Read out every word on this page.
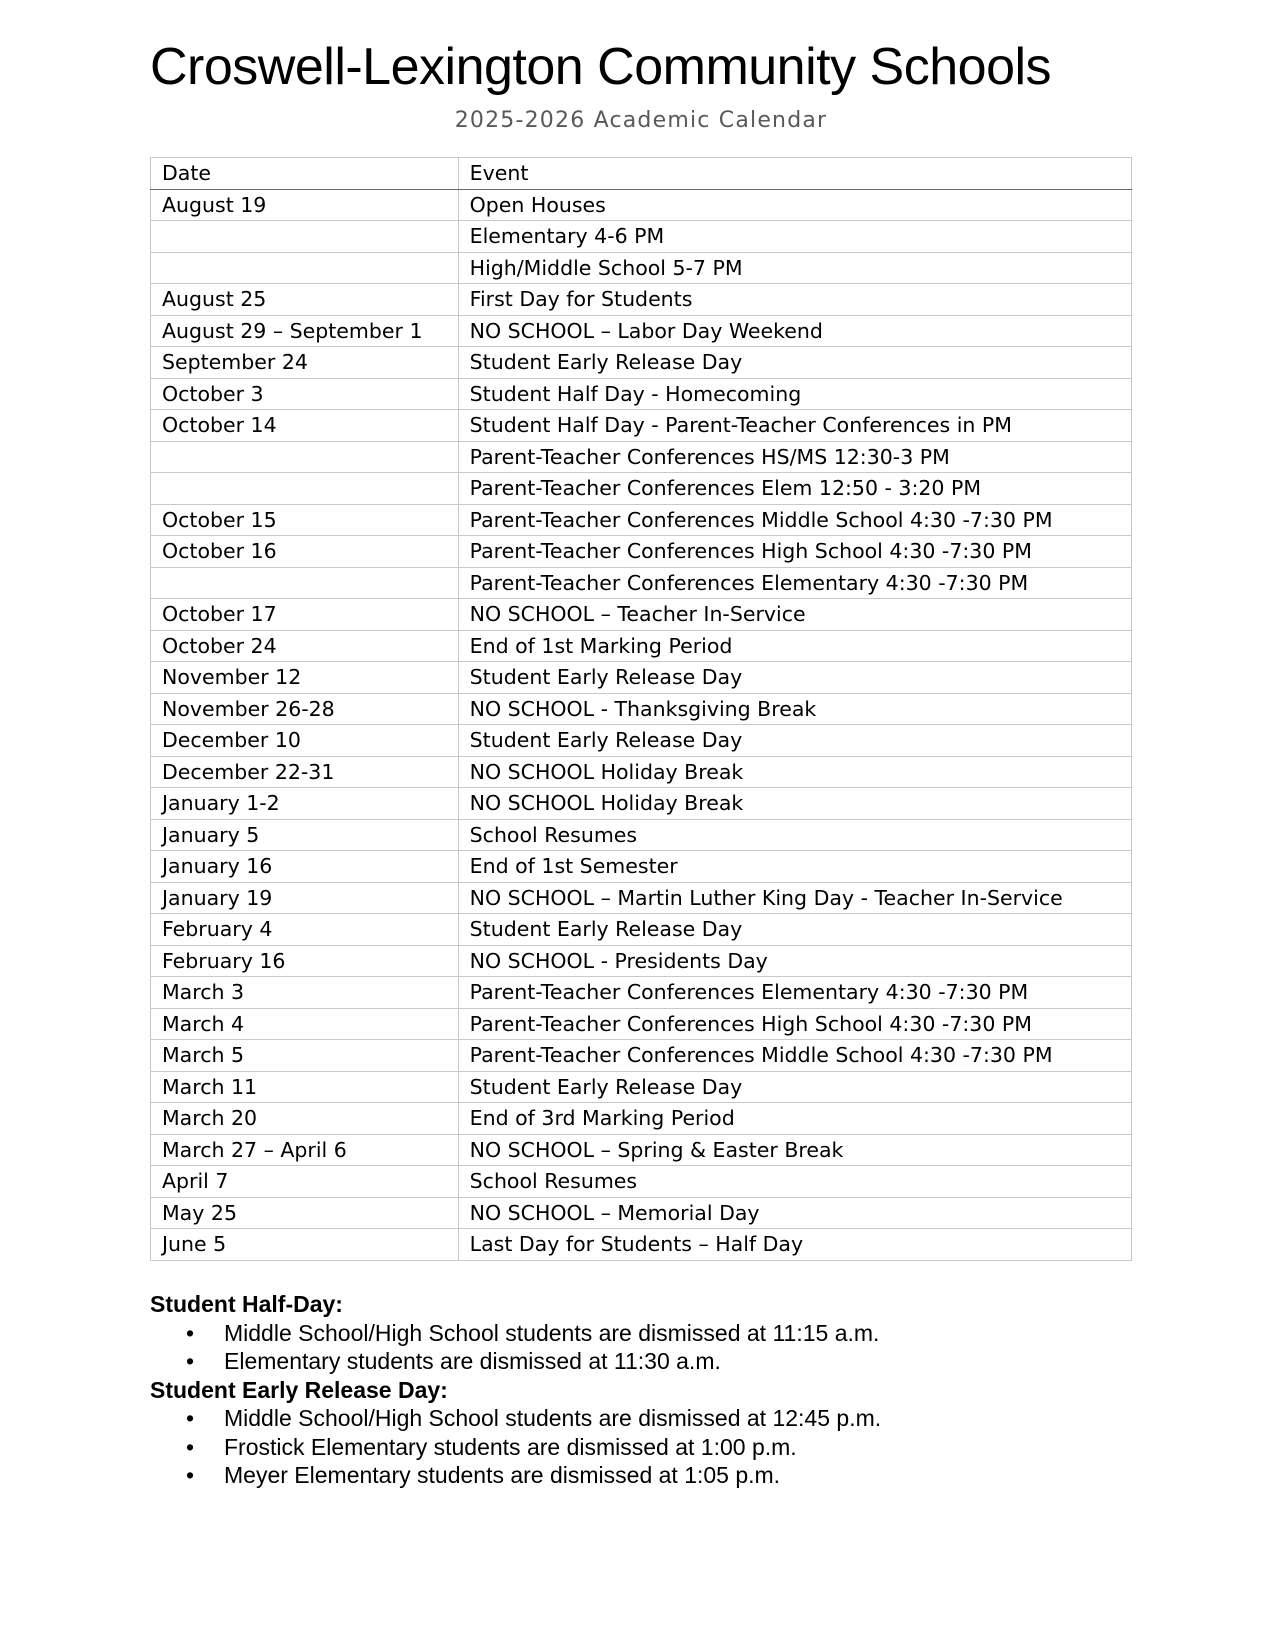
Croswell-Lexington Community Schools
2025-2026 Academic Calendar
Date	Event
August 19	Open Houses
	Elementary 4-6 PM
	High/Middle School 5-7 PM
August 25	First Day for Students
August 29 – September 1	NO SCHOOL – Labor Day Weekend
September 24	Student Early Release Day
October 3	Student Half Day - Homecoming
October 14	Student Half Day - Parent-Teacher Conferences in PM
	Parent-Teacher Conferences HS/MS 12:30-3 PM
	Parent-Teacher Conferences Elem 12:50 - 3:20 PM
October 15	Parent-Teacher Conferences Middle School 4:30 -7:30 PM
October 16	Parent-Teacher Conferences High School 4:30 -7:30 PM
	Parent-Teacher Conferences Elementary 4:30 -7:30 PM
October 17	NO SCHOOL – Teacher In-Service
October 24	End of 1st Marking Period
November 12	Student Early Release Day
November 26-28	NO SCHOOL - Thanksgiving Break
December 10	Student Early Release Day
December 22-31	NO SCHOOL Holiday Break
January 1-2	NO SCHOOL Holiday Break
January 5	School Resumes
January 16	End of 1st Semester
January 19	NO SCHOOL – Martin Luther King Day - Teacher In-Service
February 4	Student Early Release Day
February 16	NO SCHOOL - Presidents Day
March 3	Parent-Teacher Conferences Elementary 4:30 -7:30 PM
March 4	Parent-Teacher Conferences High School 4:30 -7:30 PM
March 5	Parent-Teacher Conferences Middle School 4:30 -7:30 PM
March 11	Student Early Release Day
March 20	End of 3rd Marking Period
March 27 – April 6	NO SCHOOL – Spring & Easter Break
April 7	School Resumes
May 25	NO SCHOOL – Memorial Day
June 5	Last Day for Students – Half Day
Student Half-Day:
• Middle School/High School students are dismissed at 11:15 a.m.
• Elementary students are dismissed at 11:30 a.m.
Student Early Release Day:
• Middle School/High School students are dismissed at 12:45 p.m.
• Frostick Elementary students are dismissed at 1:00 p.m.
• Meyer Elementary students are dismissed at 1:05 p.m.
